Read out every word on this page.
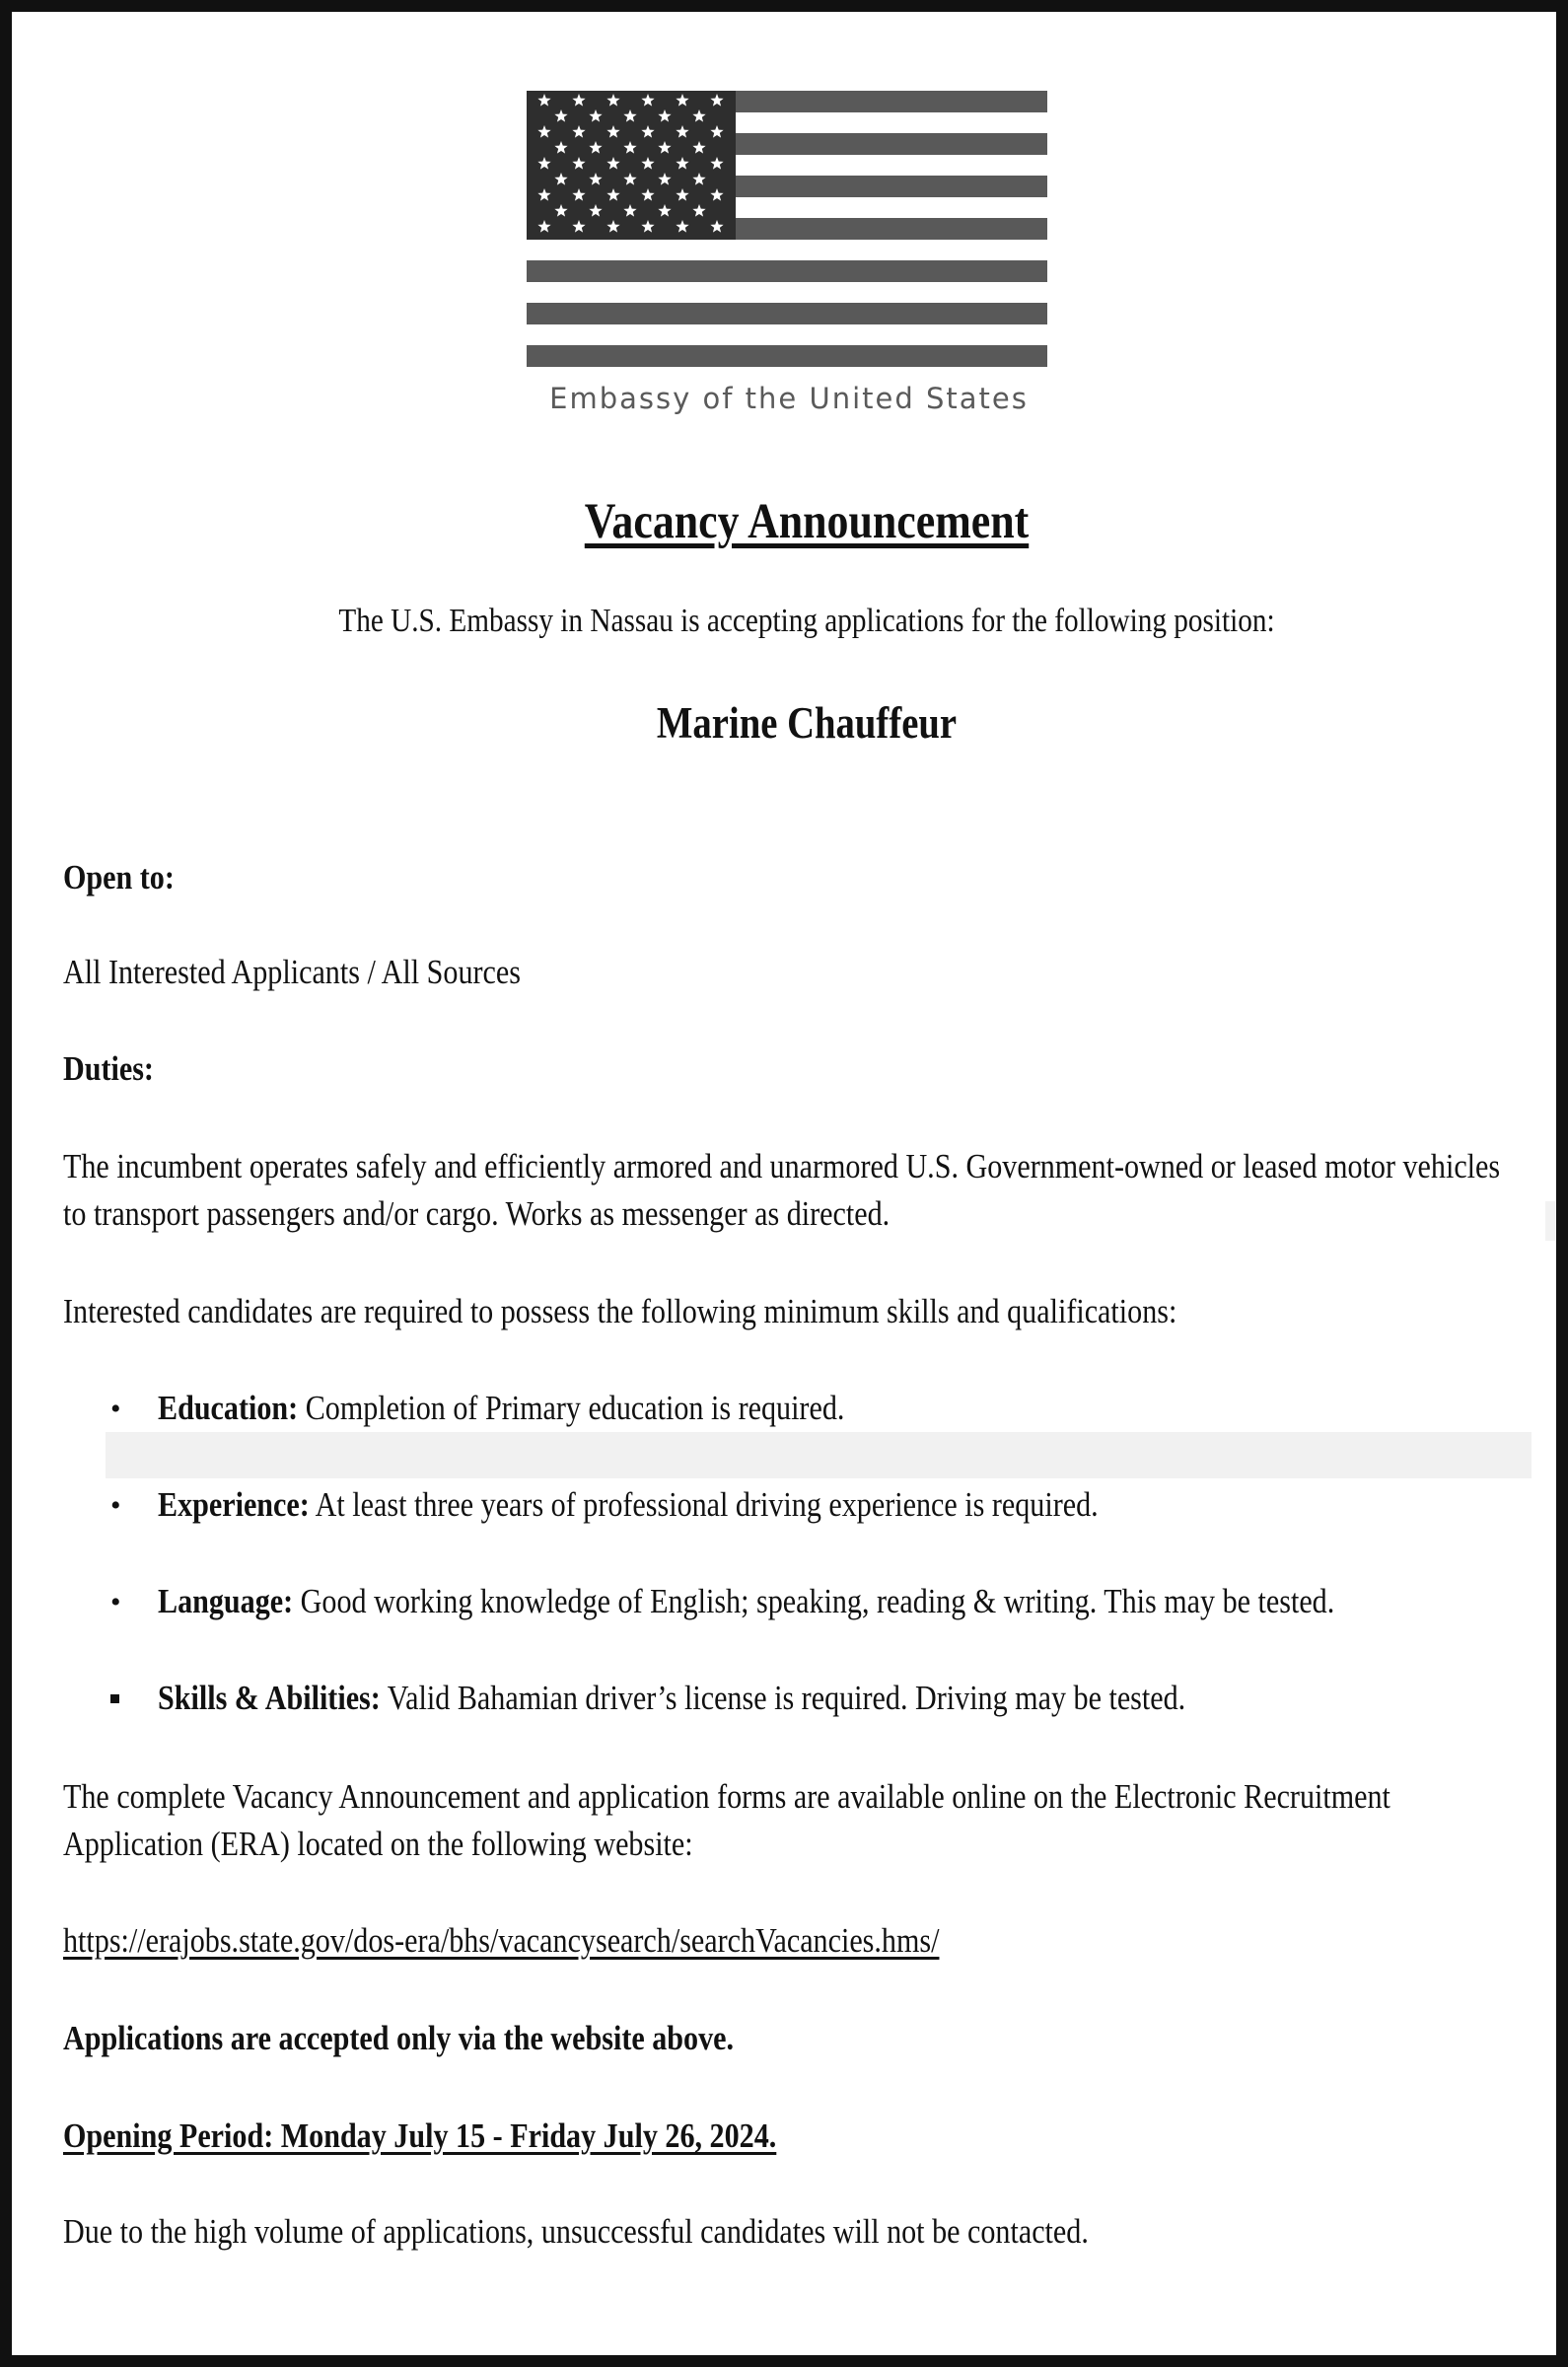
Embassy of the United States
Vacancy Announcement
The U.S. Embassy in Nassau is accepting applications for the following position:
Marine Chauffeur
Open to:
All Interested Applicants / All Sources
Duties:
The incumbent operates safely and efficiently armored and unarmored U.S. Government-owned or leased motor vehicles to transport passengers and/or cargo. Works as messenger as directed.
Interested candidates are required to possess the following minimum skills and qualifications:
• Education: Completion of Primary education is required.
• Experience: At least three years of professional driving experience is required.
• Language: Good working knowledge of English; speaking, reading & writing. This may be tested.
Skills & Abilities: Valid Bahamian driver’s license is required. Driving may be tested.
The complete Vacancy Announcement and application forms are available online on the Electronic Recruitment Application (ERA) located on the following website:
https://erajobs.state.gov/dos-era/bhs/vacancysearch/searchVacancies.hms/
Applications are accepted only via the website above.
Opening Period: Monday July 15 - Friday July 26, 2024.
Due to the high volume of applications, unsuccessful candidates will not be contacted.
